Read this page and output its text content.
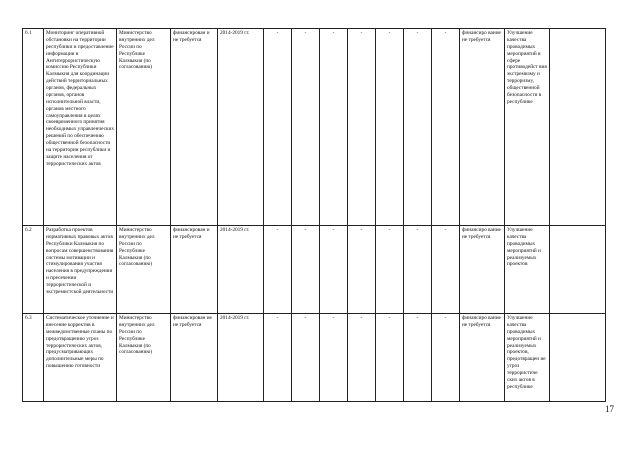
6.1	Мониторинг оперативной обстановки на территории республики и предоставление информации в Антитеррористическую комиссию Республики Калмыкия для координации действий территориальных органов, федеральных органов, органов исполнительной власти, органов местного самоуправления в целях своевременного принятия необходимых управленческих решений по обеспечению общественной безопасности на территории республики и защите населения от террористических актов	Министерство внутренних дел России по Республике Калмыкия (по согласованию)	финансирован и не требуется	2014-2019 гг.	-	-	-	-	-	-	-	финансиро вание не требуется	Улучшение качества проводимых мероприятий в сфере противодейст вия экстремизму и терроризму, общественной безопасности в республике	
6.2	Разработка проектов нормативных правовых актов Республики Калмыкия по вопросам совершенствования системы мотивации и стимулирования участия населения в предупреждении и пресечении террористической и экстремистской деятельности	Министерство внутренних дел России по Республике Калмыкия (по согласованию)	финансирован и не требуется	2014-2019 гг.	-	-	-	-	-	-	-	финансиро вание не требуется	Улучшение качества проводимых мероприятий и реализуемых проектов	
6.3	Систематическое уточнение и внесение корректив в межведомственные планы по предотвращению угроз террористических актов, предусматривающих дополнительные меры по повышению готовности	Министерство внутренних дел России по Республике Калмыкия (по согласованию)	финансирован ие не требуется	2014-2019 гг.	-	-	-	-	-	-	-	финансиро вание не требуется	Улучшение качества проводимых мероприятий и реализуемых проектов, предотвращен ие угроз террористиче ских актов в республике	
17
